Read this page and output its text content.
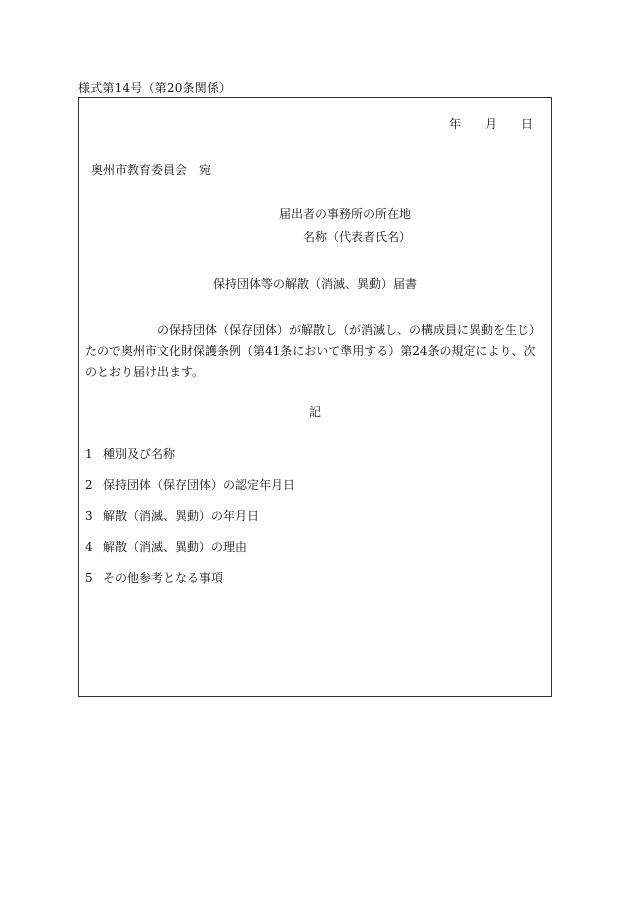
様式第14号（第20条関係）
年 月 日
奥州市教育委員会 宛
届出者の事務所の所在地
名称（代表者氏名）
保持団体等の解散（消滅、異動）届書
の保持団体（保存団体）が解散し（が消滅し、の構成員に異動を生じ）たので奥州市文化財保護条例（第41条において準用する）第24条の規定により、次のとおり届け出ます。
記
1 種別及び名称
2 保持団体（保存団体）の認定年月日
3 解散（消滅、異動）の年月日
4 解散（消滅、異動）の理由
5 その他参考となる事項
